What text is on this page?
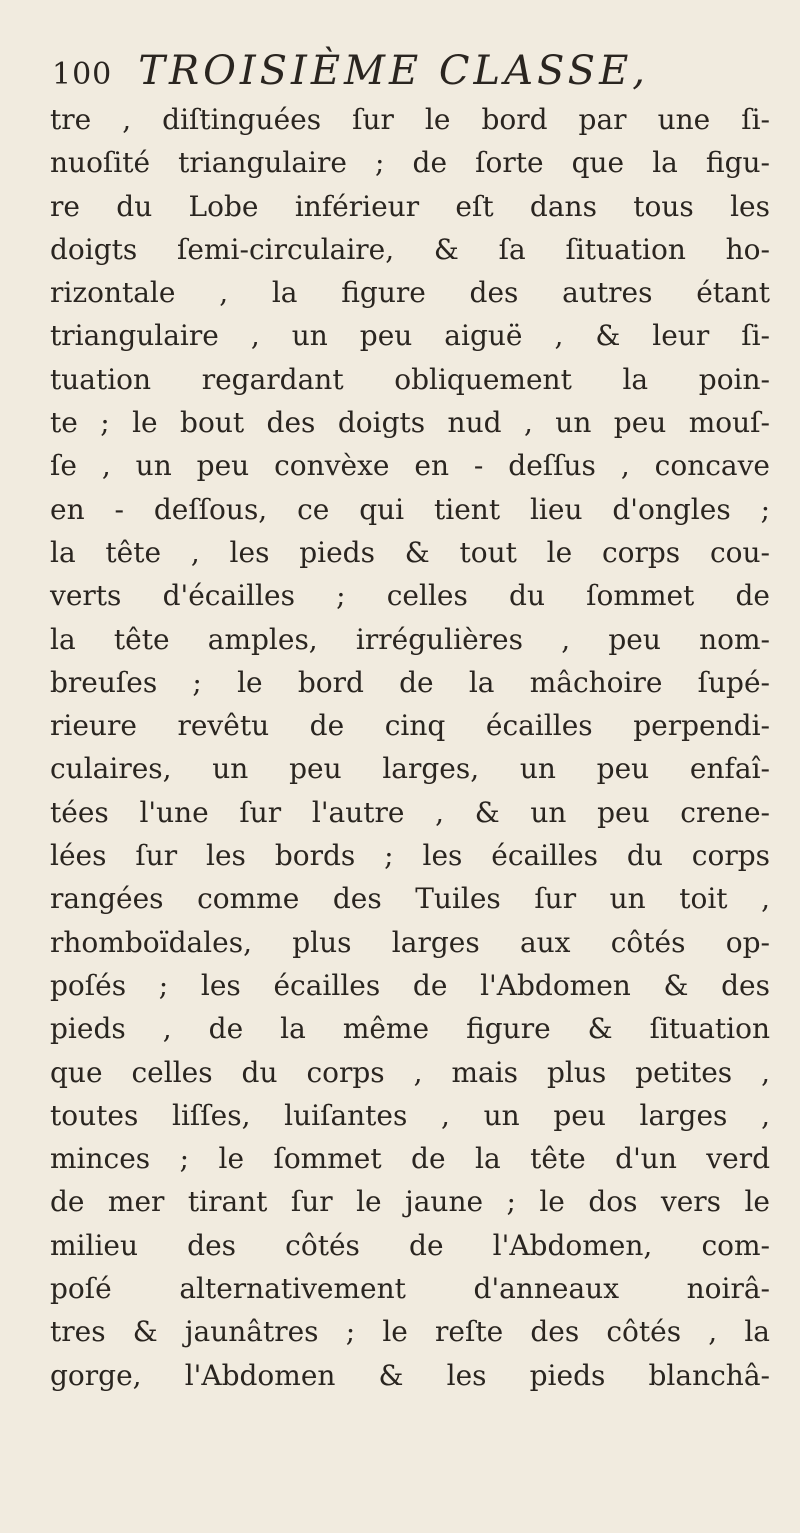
100 TROISIÈME CLASSE,
tre , diſtinguées ſur le bord par une ſi-
nuoſité triangulaire ; de ſorte que la figu-
re du Lobe inférieur eſt dans tous les
doigts ſemi-circulaire, & ſa ſituation ho-
rizontale , la figure des autres étant
triangulaire , un peu aiguë , & leur ſi-
tuation regardant obliquement la poin-
te ; le bout des doigts nud , un peu mouſ-
ſe , un peu convèxe en - deſſus , concave
en - deſſous, ce qui tient lieu d'ongles ;
la tête , les pieds & tout le corps cou-
verts d'écailles ; celles du ſommet de
la tête amples, irrégulières , peu nom-
breuſes ; le bord de la mâchoire ſupé-
rieure revêtu de cinq écailles perpendi-
culaires, un peu larges, un peu enfaî-
tées l'une ſur l'autre , & un peu crene-
lées ſur les bords ; les écailles du corps
rangées comme des Tuiles ſur un toit ,
rhomboïdales, plus larges aux côtés op-
poſés ; les écailles de l'Abdomen & des
pieds , de la même figure & ſituation
que celles du corps , mais plus petites ,
toutes liſſes, luiſantes , un peu larges ,
minces ; le ſommet de la tête d'un verd
de mer tirant ſur le jaune ; le dos vers le
milieu des côtés de l'Abdomen, com-
poſé alternativement d'anneaux noirâ-
tres & jaunâtres ; le reſte des côtés , la
gorge, l'Abdomen & les pieds blanchâ-
